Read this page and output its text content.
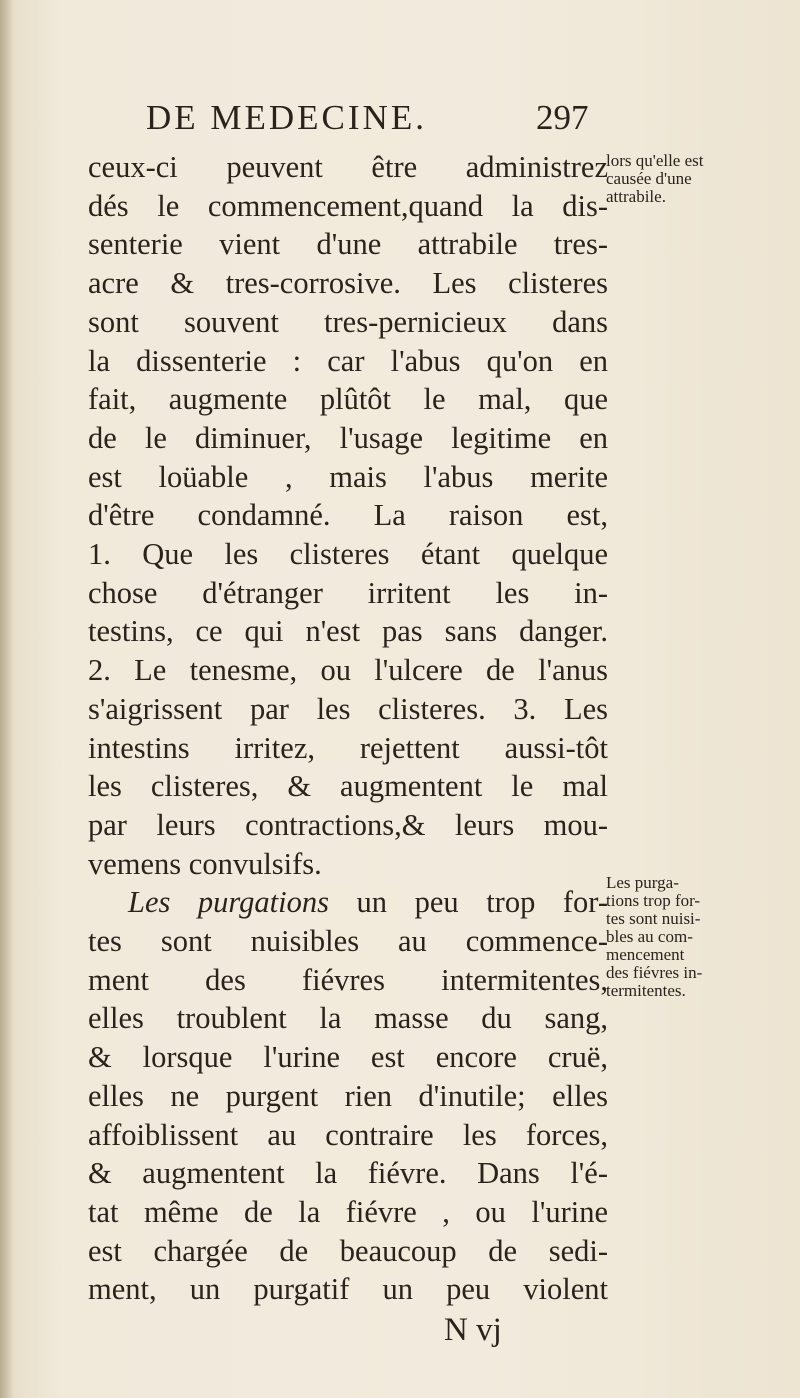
DE MEDECINE.	297
ceux-ci peuvent être administrez
dés le commencement,quand la dis-
senterie vient d'une attrabile tres-
acre & tres-corrosive. Les clisteres
sont souvent tres-pernicieux dans
la dissenterie : car l'abus qu'on en
fait, augmente plûtôt le mal, que
de le diminuer, l'usage legitime en
est loüable , mais l'abus merite
d'être condamné. La raison est,
1. Que les clisteres étant quelque
chose d'étranger irritent les in-
testins, ce qui n'est pas sans danger.
2. Le tenesme, ou l'ulcere de l'anus
s'aigrissent par les clisteres. 3. Les
intestins irritez, rejettent aussi-tôt
les clisteres, & augmentent le mal
par leurs contractions,& leurs mou-
vemens convulsifs.
Les purgations un peu trop for-
tes sont nuisibles au commence-
ment des fiévres intermitentes,
elles troublent la masse du sang,
& lorsque l'urine est encore cruë,
elles ne purgent rien d'inutile; elles
affoiblissent au contraire les forces,
& augmentent la fiévre. Dans l'é-
tat même de la fiévre , ou l'urine
est chargée de beaucoup de sedi-
ment, un purgatif un peu violent
lors qu'elle est
causée d'une
attrabile.
Les purga-
tions trop for-
tes sont nuisi-
bles au com-
mencement
des fiévres in-
termitentes.
N vj
